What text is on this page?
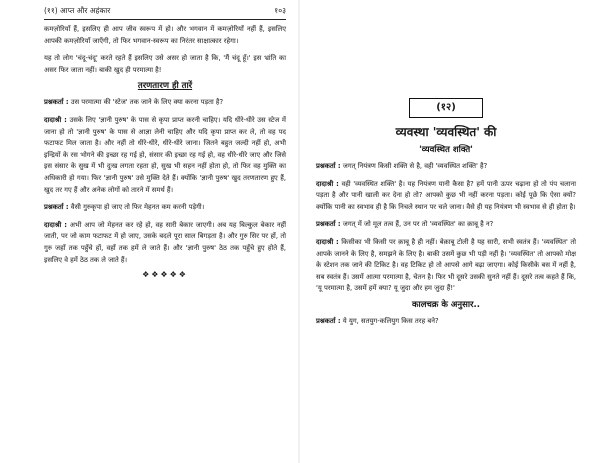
(११) आप्त और अहंकार	१०३

कमज़ोरियाँ हैं, इसलिए ही आप जीव स्वरूप में हो। और भगवान में कमज़ोरियाँ नहीं हैं, इसलिए आपकी कमज़ोरियाँ जाएँगी, तो फिर भगवान-स्वरूप का निरंतर साक्षात्कार रहेगा।

यह तो लोग 'चंदू-चंदू' करते रहते हैं इसलिए उसे असर हो जाता है कि, 'मैं चंदू हूँ।' इस भ्रांति का असर फिर जाता नहीं। बाकी खुद ही परमात्मा है!

तरणतारण ही तारें

प्रश्नकर्ता : उस परमात्मा की 'स्टेज' तक जाने के लिए क्या करना पड़ता है?

दादाश्री : उसके लिए 'ज्ञानी पुरुष' के पास से कृपा प्राप्त करनी चाहिए। यदि धीरे-धीरे उस स्टेज में जाना हो तो 'ज्ञानी पुरुष' के पास से आज्ञा लेनी चाहिए और यदि कृपा प्राप्त कर ले, तो वह पद फटाफट मिल जाता है। और नहीं तो धीरे-धीरे, धीरे-धीरे जाना। जितने बहुत जल्दी नहीं हो, अभी इन्द्रियों के रस भोगने की इच्छा रह गई हो, संसार की इच्छा रह गई हो, वह धीरे-धीरे जाए और जिसे इस संसार के सुख में भी दुःख लगता रहता हो, सुख भी सहन नहीं होता हो, तो फिर वह मुक्ति का अधिकारी हो गया। फिर 'ज्ञानी पुरुष' उसे मुक्ति देते हैं। क्योंकि 'ज्ञानी पुरुष' खुद तरणतारण हुए हैं, खुद तर गए हैं और अनेक लोगों को तारने में समर्थ हैं।

प्रश्नकर्ता : वैसी गुरुकृपा हो जाए तो फिर मेहनत कम करनी पड़ेगी।

दादाश्री : अभी आप जो मेहनत कर रहे हो, वह सारी बेकार जाएगी। अब यह बिल्कुल बेकार नहीं जाती, पर जो काम फटाफट में हो जाए, उसके बदले पूरा साल बिगड़ता है। और गुरु सिर पर हों, तो गुरु जहाँ तक पहुँचे हों, वहाँ तक हमें ले जाते हैं। और 'ज्ञानी पुरुष' ठेठ तक पहुँचे हुए होते हैं, इसलिए वे हमें ठेठ तक ले जाते हैं।

❖❖❖❖❖
(१२)
व्यवस्था 'व्यवस्थित' की
'व्यवस्थित शक्ति'

प्रश्नकर्ता : जगत् नियंत्रण किसी शक्ति से है, वही 'व्यवस्थित शक्ति' है?

दादाश्री : वही 'व्यवस्थित शक्ति' है। यह नियंत्रण यानी कैसा है? हमें पानी ऊपर चढ़ाना हो तो पंप चलाना पड़ता है और पानी खाली कर देना हो तो? आपको कुछ भी नहीं करना पड़ता। कोई पूछे कि ऐसा क्यों? क्योंकि पानी का स्वभाव ही है कि निचले स्थान पर चले जाना। वैसे ही यह नियंत्रण भी स्वभाव से ही होता है।

प्रश्नकर्ता : जगत् में जो मूल तत्व हैं, उन पर तो 'व्यवस्थित' का क़ाबू है न?

दादाश्री : किसीका भी किसी पर क़ाबू है ही नहीं। बेक़ाबू टोली है यह सारी, सभी स्वतंत्र हैं। 'व्यवस्थित' तो आपके जानने के लिए है, समझने के लिए है। बाकी उसमें कुछ भी पड़ी नहीं है। 'व्यवस्थित' तो आपको मोक्ष के स्टेशन तक जाने की टिकिट है। वह टिकिट हो तो आपसे आगे बढ़ा जाएगा। कोई किसीके बस में नहीं है, सब स्वतंत्र हैं। उसमें आत्मा परमात्मा है, चेतन है। फिर भी दूसरे उसकी सुनते नहीं हैं। दूसरे तत्व कहते हैं कि, 'यू परमात्मा है, उसमें हमें क्या? यू जुदा और हम जुदा हैं!'

कालचक्र के अनुसार..

प्रश्नकर्ता : ये युग, सतयुग-कलियुग किस तरह बने?
